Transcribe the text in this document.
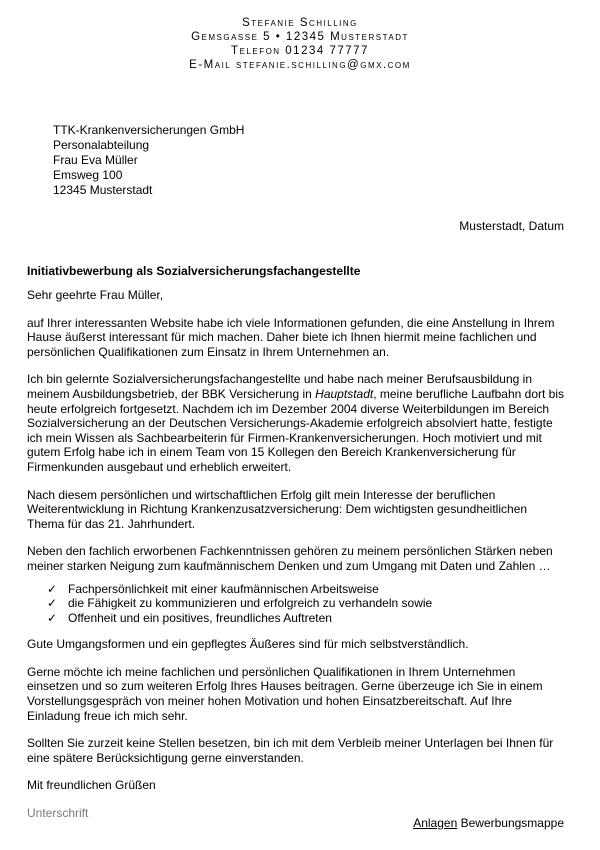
Stefanie Schilling
Gemsgasse 5 • 12345 Musterstadt
Telefon 01234 77777
E-Mail stefanie.schilling@gmx.com
TTK-Krankenversicherungen GmbH
Personalabteilung
Frau Eva Müller
Emsweg 100
12345 Musterstadt
Musterstadt, Datum
Initiativbewerbung als Sozialversicherungsfachangestellte

Sehr geehrte Frau Müller,

auf Ihrer interessanten Website habe ich viele Informationen gefunden, die eine Anstellung in Ihrem Hause äußerst interessant für mich machen. Daher biete ich Ihnen hiermit meine fachlichen und persönlichen Qualifikationen zum Einsatz in Ihrem Unternehmen an.

Ich bin gelernte Sozialversicherungsfachangestellte und habe nach meiner Berufsausbildung in meinem Ausbildungsbetrieb, der BBK Versicherung in Hauptstadt, meine berufliche Laufbahn dort bis heute erfolgreich fortgesetzt. Nachdem ich im Dezember 2004 diverse Weiterbildungen im Bereich Sozialversicherung an der Deutschen Versicherungs-Akademie erfolgreich absolviert hatte, festigte ich mein Wissen als Sachbearbeiterin für Firmen-Krankenversicherungen. Hoch motiviert und mit gutem Erfolg habe ich in einem Team von 15 Kollegen den Bereich Krankenversicherung für Firmenkunden ausgebaut und erheblich erweitert.

Nach diesem persönlichen und wirtschaftlichen Erfolg gilt mein Interesse der beruflichen Weiterentwicklung in Richtung Krankenzusatzversicherung: Dem wichtigsten gesundheitlichen Thema für das 21. Jahrhundert.

Neben den fachlich erworbenen Fachkenntnissen gehören zu meinem persönlichen Stärken neben meiner starken Neigung zum kaufmännischem Denken und zum Umgang mit Daten und Zahlen …

✓ Fachpersönlichkeit mit einer kaufmännischen Arbeitsweise
✓ die Fähigkeit zu kommunizieren und erfolgreich zu verhandeln sowie
✓ Offenheit und ein positives, freundliches Auftreten

Gute Umgangsformen und ein gepflegtes Äußeres sind für mich selbstverständlich.

Gerne möchte ich meine fachlichen und persönlichen Qualifikationen in Ihrem Unternehmen einsetzen und so zum weiteren Erfolg Ihres Hauses beitragen. Gerne überzeuge ich Sie in einem Vorstellungsgespräch von meiner hohen Motivation und hohen Einsatzbereitschaft. Auf Ihre Einladung freue ich mich sehr.

Sollten Sie zurzeit keine Stellen besetzen, bin ich mit dem Verbleib meiner Unterlagen bei Ihnen für eine spätere Berücksichtigung gerne einverstanden.

Mit freundlichen Grüßen

Unterschrift

Anlagen Bewerbungsmappe
